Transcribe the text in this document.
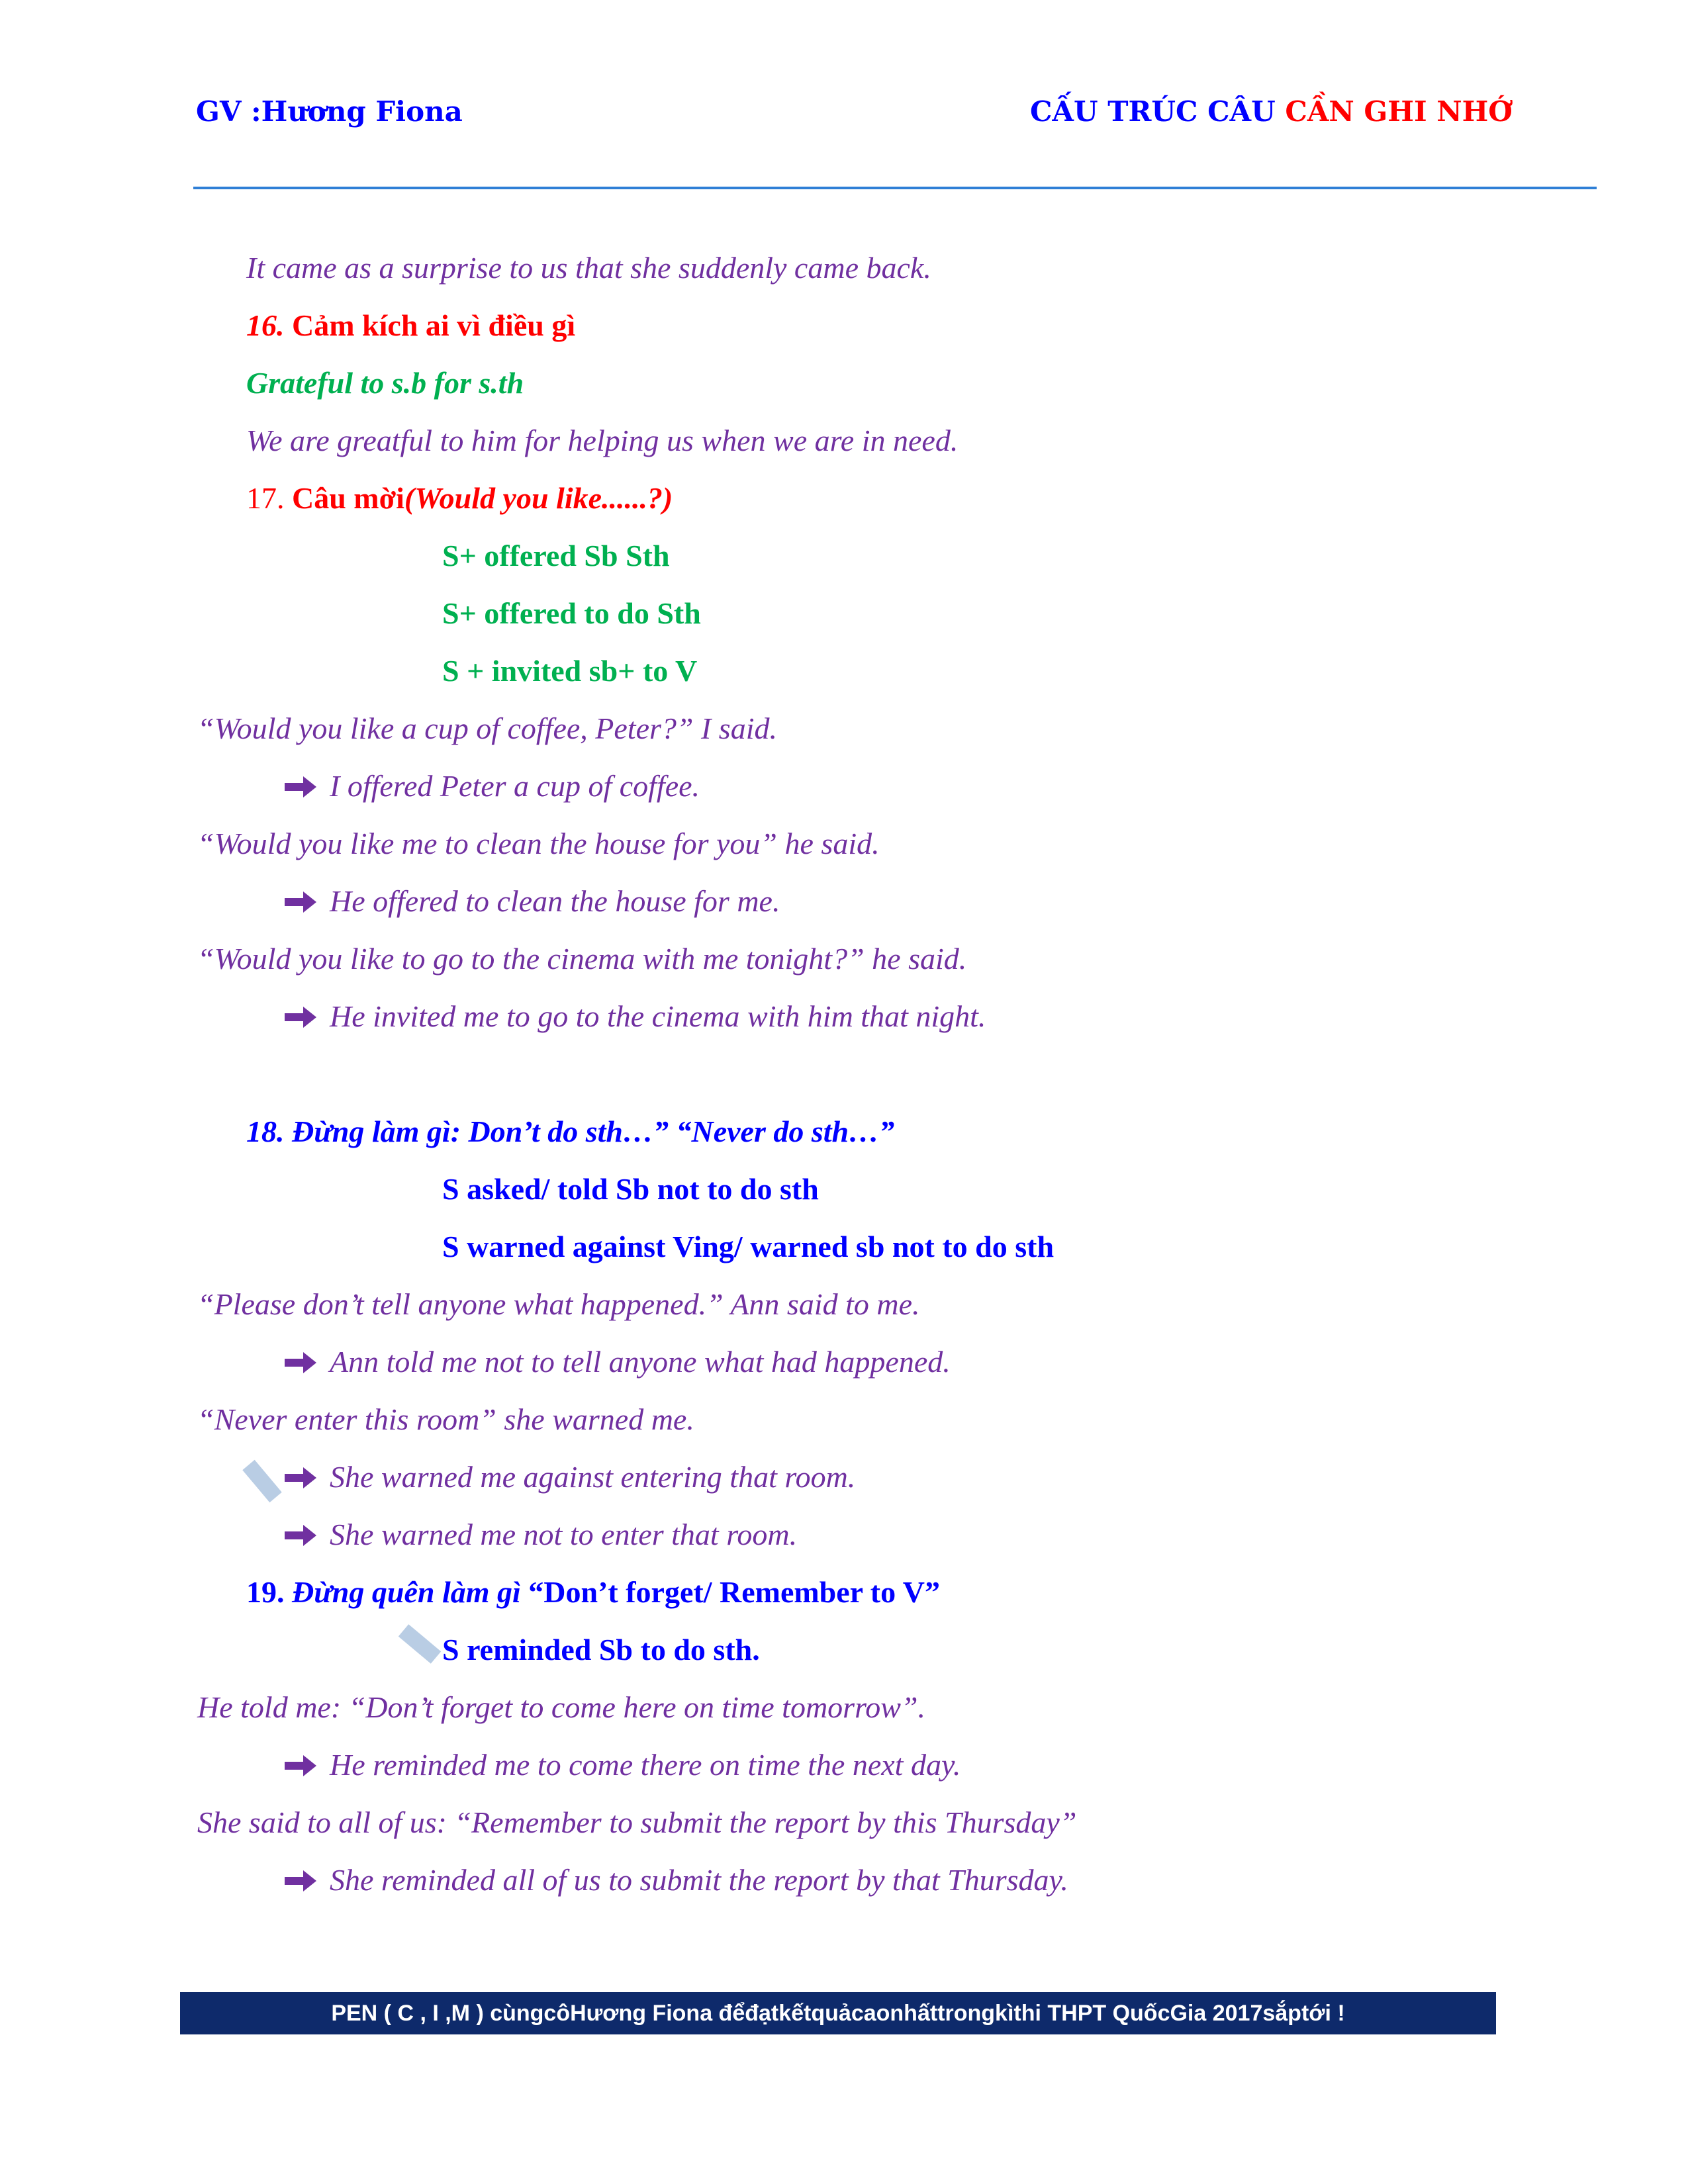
GV :Hương Fiona	CẤU TRÚC CÂU CẦN GHI NHỚ
It came as a surprise to us that she suddenly came back.
16. Cảm kích ai vì điều gì
Grateful to s.b for s.th
We are greatful to him for helping us when we are in need.
17. Câu mời(Would you like......?)
S+ offered Sb Sth
S+ offered to do Sth
S + invited sb+ to V
“Would you like a cup of coffee, Peter?” I said.
I offered Peter a cup of coffee.
“Would you like me to clean the house for you” he said.
He offered to clean the house for me.
“Would you like to go to the cinema with me tonight?” he said.
He invited me to go to the cinema with him that night.
18. Đừng làm gì: Don’t do sth…” “Never do sth…”
S asked/ told Sb not to do sth
S warned against Ving/ warned sb not to do sth
“Please don’t tell anyone what happened.” Ann said to me.
Ann told me not to tell anyone what had happened.
“Never enter this room” she warned me.
She warned me against entering that room.
She warned me not to enter that room.
19. Đừng quên làm gì “Don’t forget/ Remember to V”
S reminded Sb to do sth.
He told me: “Don’t forget to come here on time tomorrow”.
He reminded me to come there on time the next day.
She said to all of us: “Remember to submit the report by this Thursday”
She reminded all of us to submit the report by that Thursday.
PEN ( C , I ,M ) cùngcôHương Fiona đểđạtkếtquảcaonhấttrongkìthi THPT QuốcGia 2017sắptới !
